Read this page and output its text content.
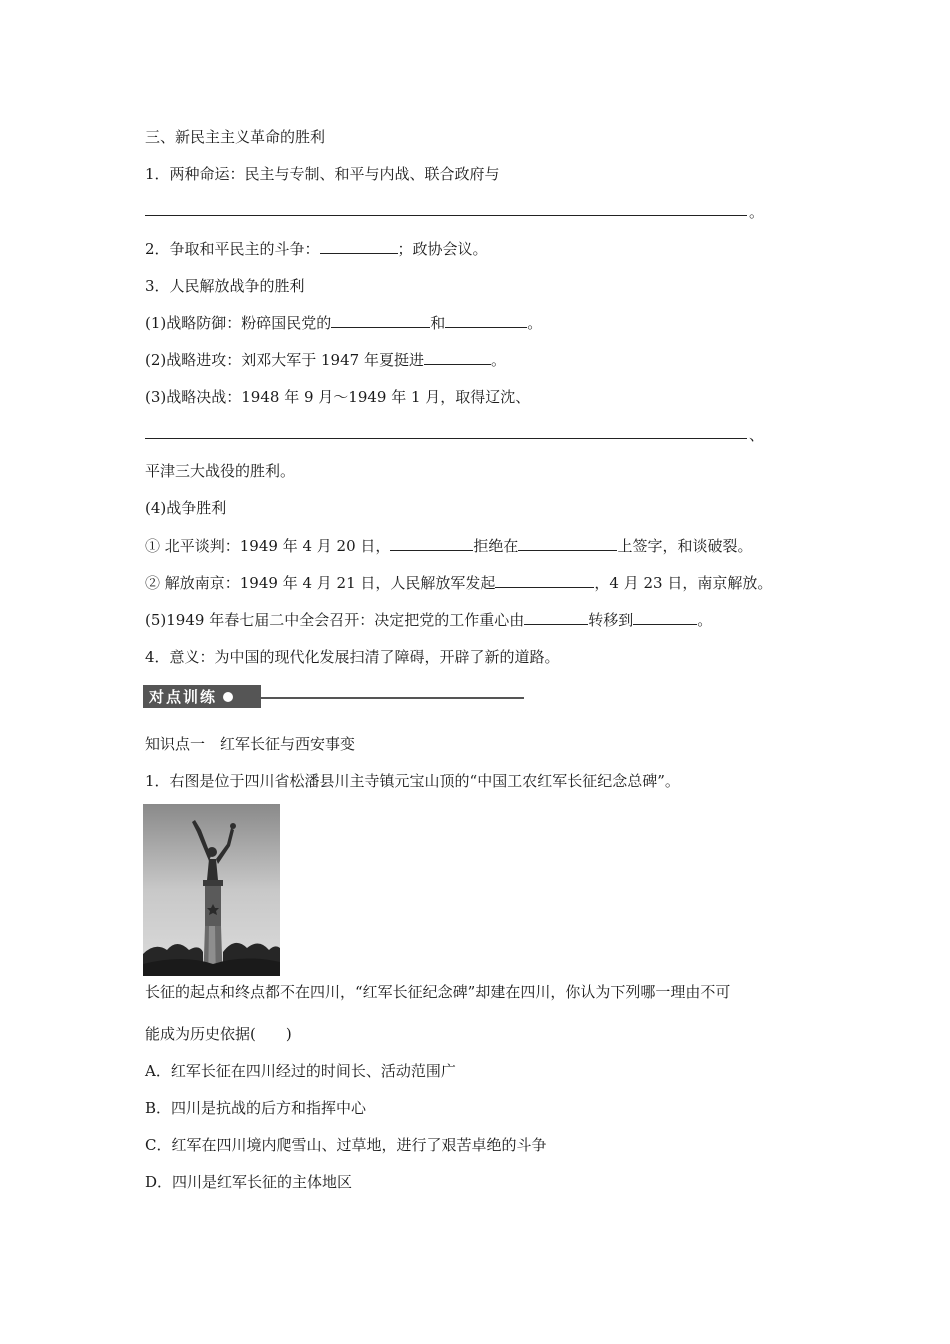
三、新民主主义革命的胜利
1．两种命运：民主与专制、和平与内战、联合政府与
。
2．争取和平民主的斗争：	；政协会议。
3．人民解放战争的胜利
(1)战略防御：粉碎国民党的	和	。
(2)战略进攻：刘邓大军于 1947 年夏挺进	。
(3)战略决战：1948 年 9 月～1949 年 1 月，取得辽沈、
、
平津三大战役的胜利。
(4)战争胜利
① 北平谈判：1949 年 4 月 20 日，	拒绝在	上签字，和谈破裂。
② 解放南京：1949 年 4 月 21 日，人民解放军发起	，4 月 23 日，南京解放。
(5)1949 年春七届二中全会召开：决定把党的工作重心由	转移到	。
4．意义：为中国的现代化发展扫清了障碍，开辟了新的道路。
对点训练
知识点一　红军长征与西安事变
1．右图是位于四川省松潘县川主寺镇元宝山顶的“中国工农红军长征纪念总碑”。
长征的起点和终点都不在四川，“红军长征纪念碑”却建在四川，你认为下列哪一理由不可
能成为历史依据(　　)
A．红军长征在四川经过的时间长、活动范围广
B．四川是抗战的后方和指挥中心
C．红军在四川境内爬雪山、过草地，进行了艰苦卓绝的斗争
D．四川是红军长征的主体地区
